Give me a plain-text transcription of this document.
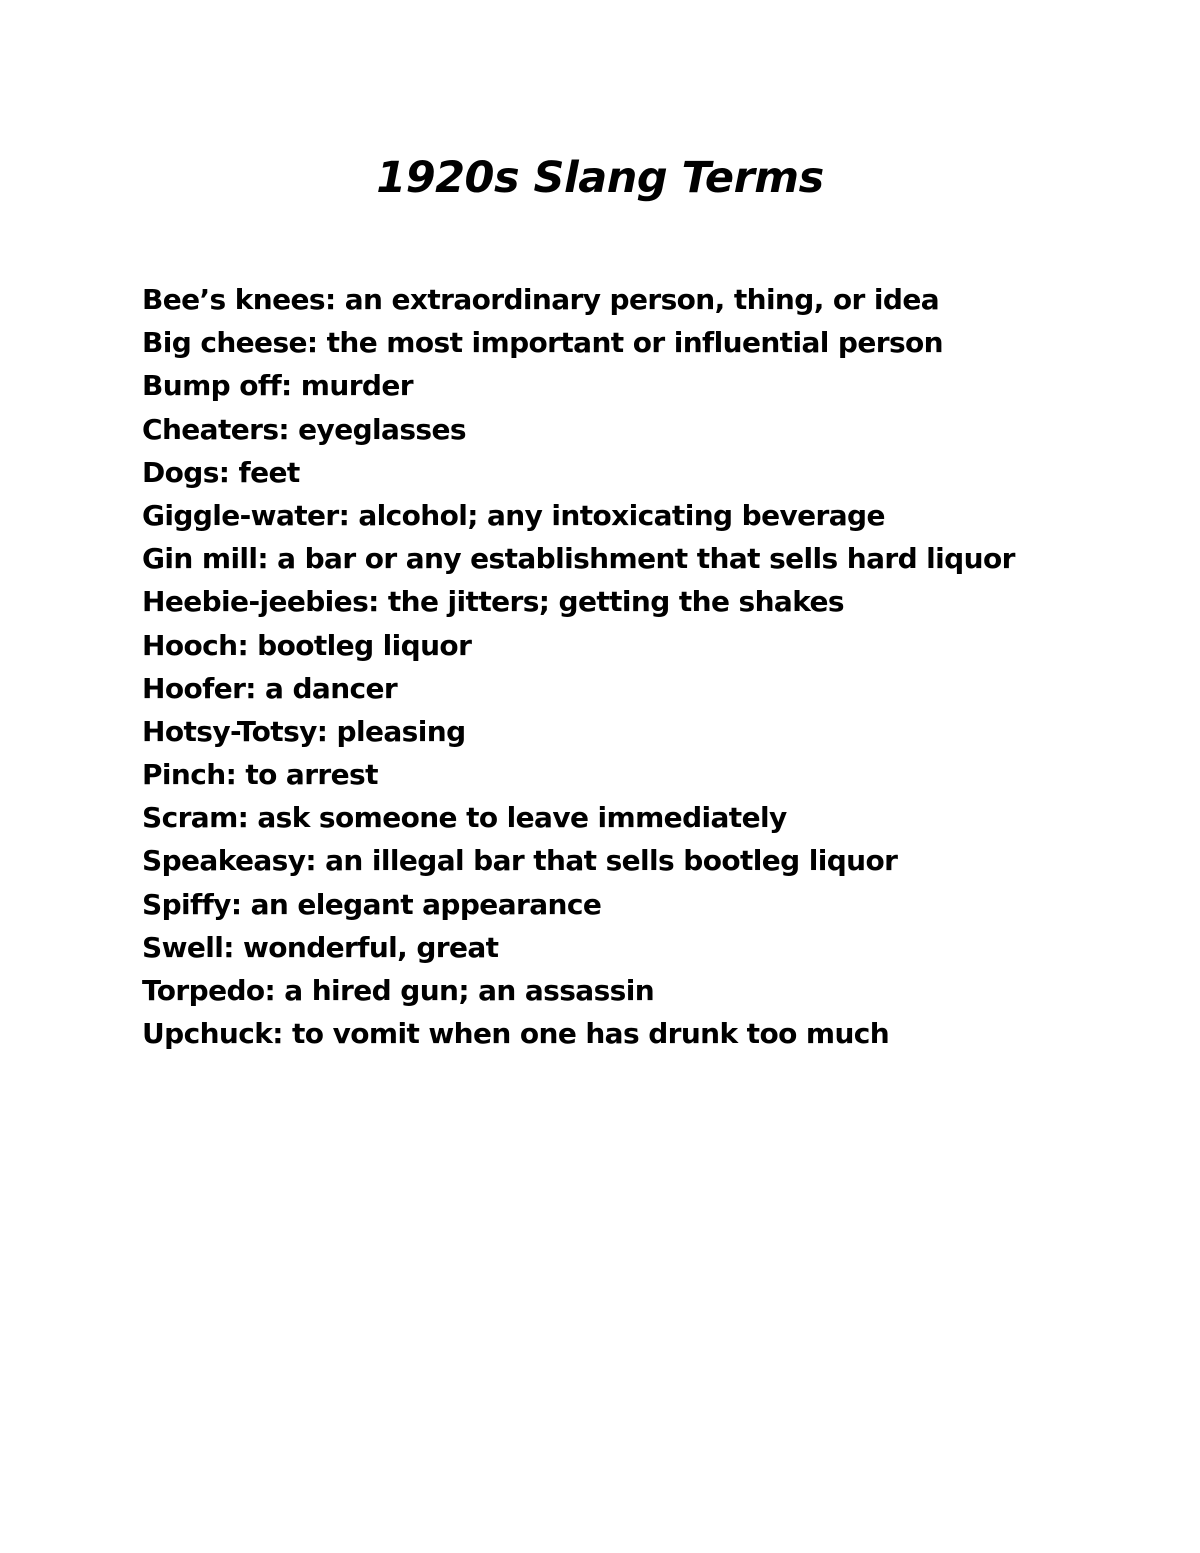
1920s Slang Terms
Bee’s knees: an extraordinary person, thing, or idea
Big cheese: the most important or influential person
Bump off: murder
Cheaters: eyeglasses
Dogs: feet
Giggle-water: alcohol; any intoxicating beverage
Gin mill: a bar or any establishment that sells hard liquor
Heebie-jeebies: the jitters; getting the shakes
Hooch: bootleg liquor
Hoofer: a dancer
Hotsy-Totsy: pleasing
Pinch: to arrest
Scram: ask someone to leave immediately
Speakeasy: an illegal bar that sells bootleg liquor
Spiffy: an elegant appearance
Swell: wonderful, great
Torpedo: a hired gun; an assassin
Upchuck: to vomit when one has drunk too much
